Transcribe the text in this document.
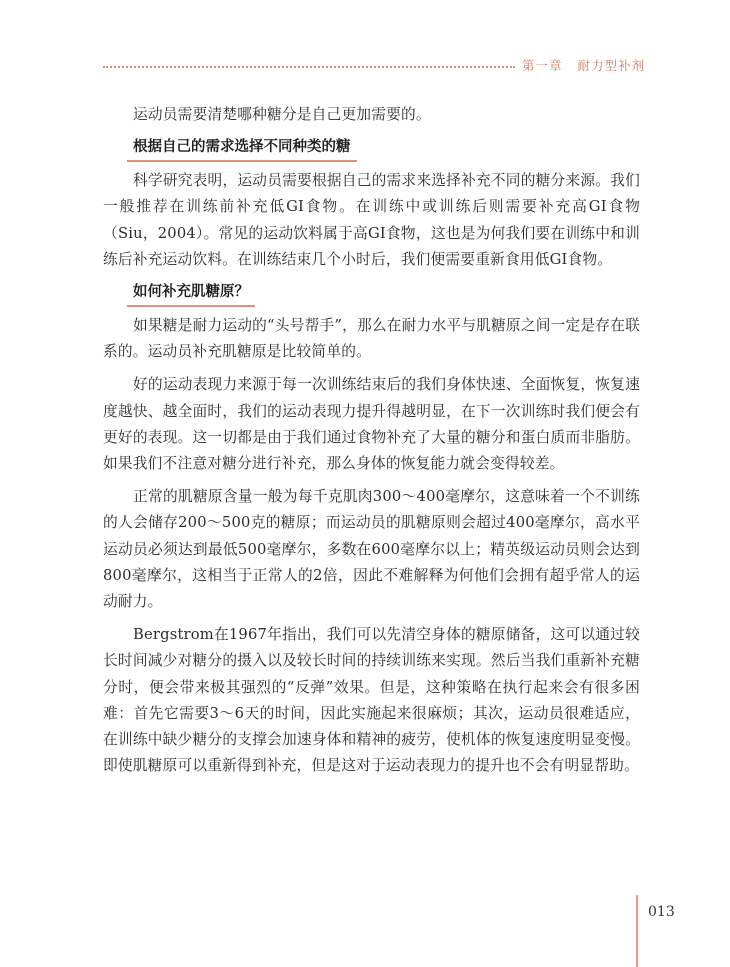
第一章 耐力型补剂

运动员需要清楚哪种糖分是自己更加需要的。

根据自己的需求选择不同种类的糖

科学研究表明，运动员需要根据自己的需求来选择补充不同的糖分来源。我们一般推荐在训练前补充低GI食物。在训练中或训练后则需要补充高GI食物（Siu，2004）。常见的运动饮料属于高GI食物，这也是为何我们要在训练中和训练后补充运动饮料。在训练结束几个小时后，我们便需要重新食用低GI食物。

如何补充肌糖原？

如果糖是耐力运动的“头号帮手”，那么在耐力水平与肌糖原之间一定是存在联系的。运动员补充肌糖原是比较简单的。

好的运动表现力来源于每一次训练结束后的我们身体快速、全面恢复，恢复速度越快、越全面时，我们的运动表现力提升得越明显，在下一次训练时我们便会有更好的表现。这一切都是由于我们通过食物补充了大量的糖分和蛋白质而非脂肪。如果我们不注意对糖分进行补充，那么身体的恢复能力就会变得较差。

正常的肌糖原含量一般为每千克肌肉300～400毫摩尔，这意味着一个不训练的人会储存200～500克的糖原；而运动员的肌糖原则会超过400毫摩尔，高水平运动员必须达到最低500毫摩尔，多数在600毫摩尔以上；精英级运动员则会达到800毫摩尔，这相当于正常人的2倍，因此不难解释为何他们会拥有超乎常人的运动耐力。

Bergstrom在1967年指出，我们可以先清空身体的糖原储备，这可以通过较长时间减少对糖分的摄入以及较长时间的持续训练来实现。然后当我们重新补充糖分时，便会带来极其强烈的“反弹”效果。但是，这种策略在执行起来会有很多困难：首先它需要3～6天的时间，因此实施起来很麻烦；其次，运动员很难适应，在训练中缺少糖分的支撑会加速身体和精神的疲劳，使机体的恢复速度明显变慢。即使肌糖原可以重新得到补充，但是这对于运动表现力的提升也不会有明显帮助。

013
